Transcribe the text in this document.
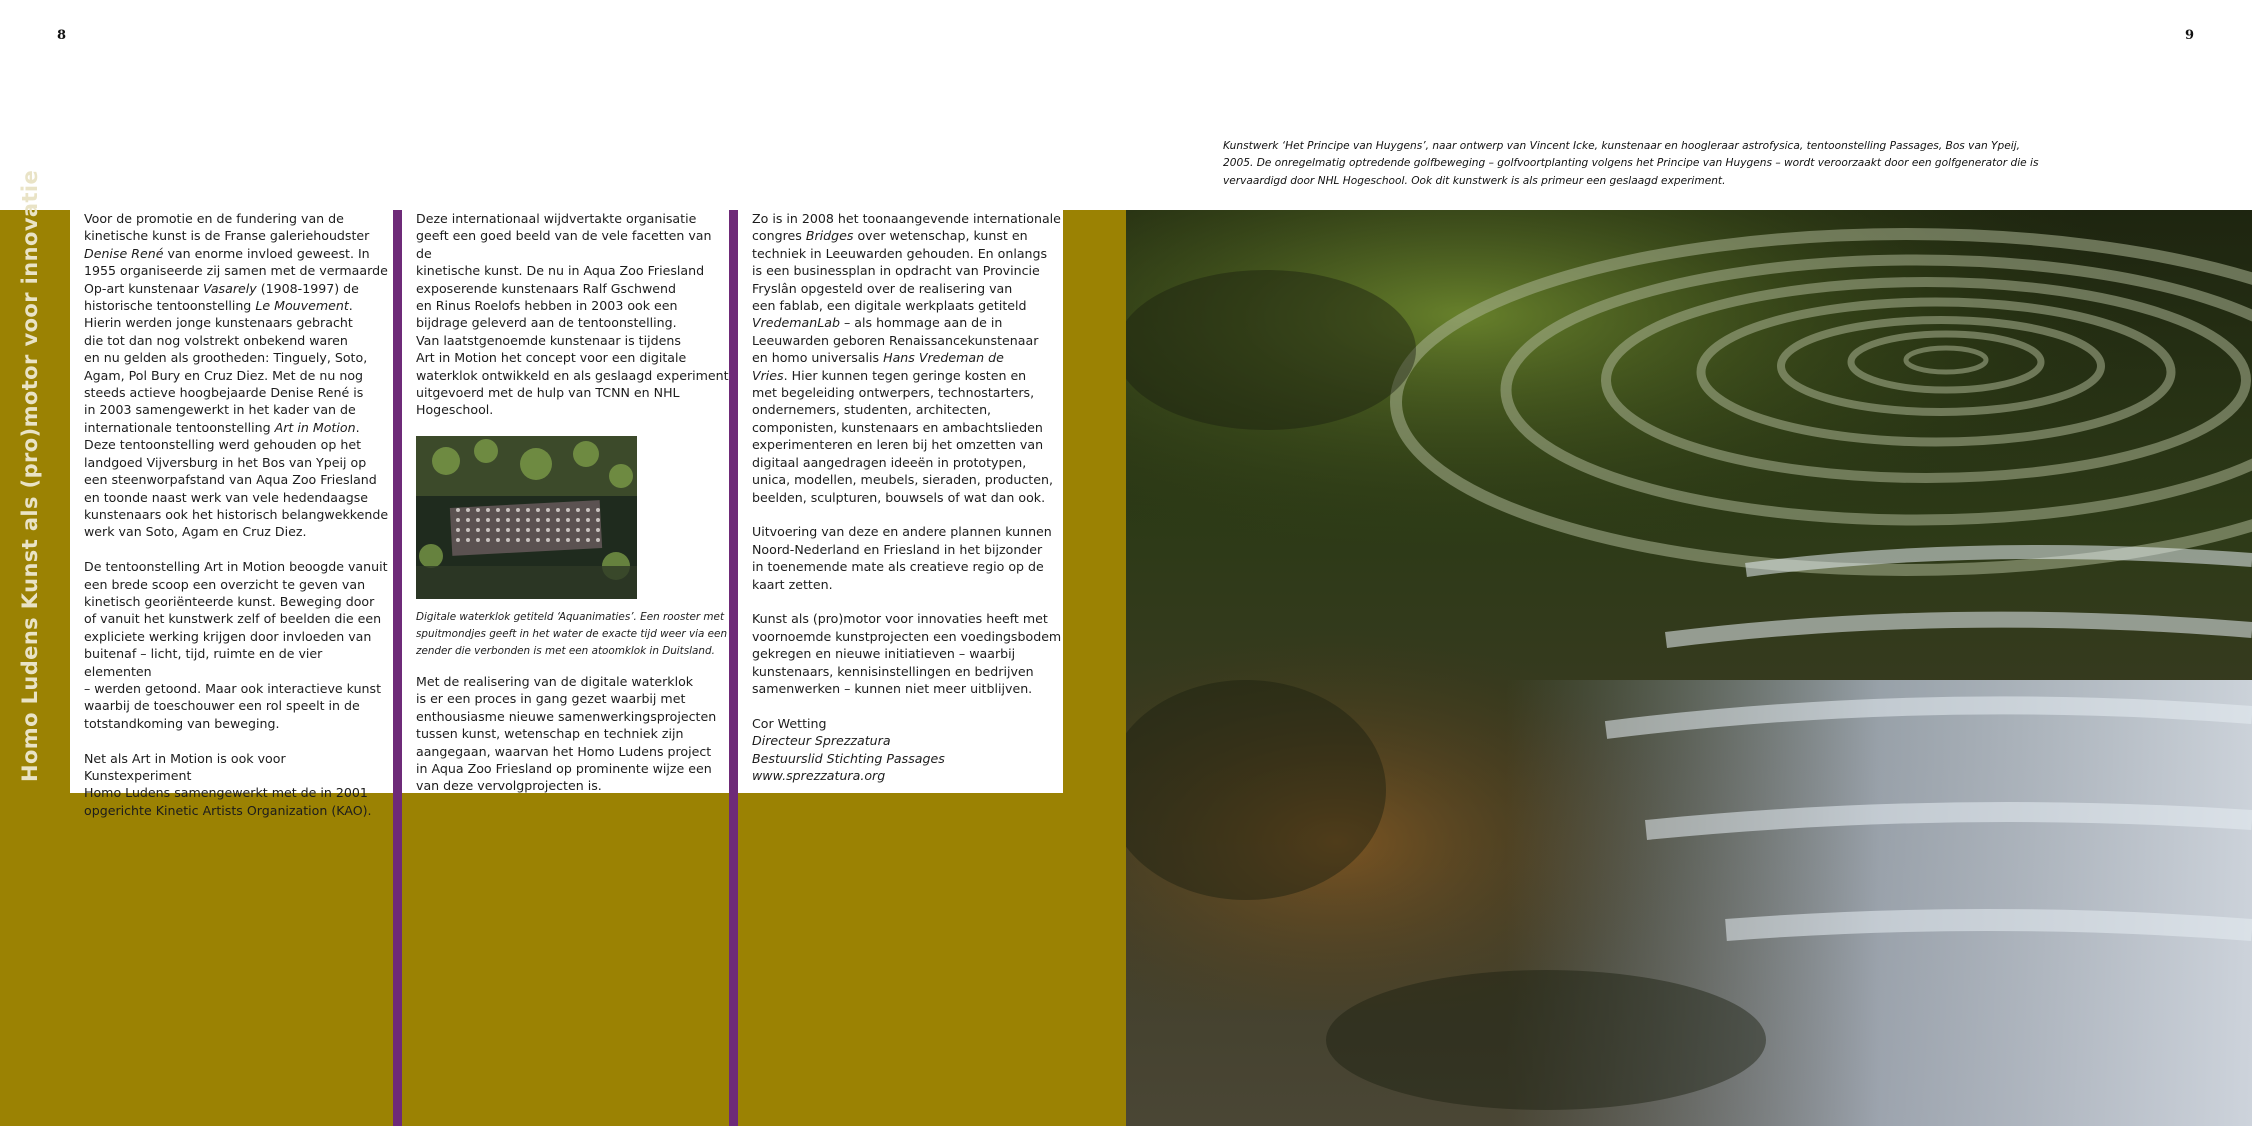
8
Homo Ludens Kunst als (pro)motor voor innovatie	Voor de promotie en de fundering van de
kinetische kunst is de Franse galeriehoudster
Denise René van enorme invloed geweest. In
1955 organiseerde zij samen met de vermaarde
Op-art kunstenaar Vasarely (1908-1997) de
historische tentoonstelling Le Mouvement.
Hierin werden jonge kunstenaars gebracht
die tot dan nog volstrekt onbekend waren
en nu gelden als grootheden: Tinguely, Soto,
Agam, Pol Bury en Cruz Diez. Met de nu nog
steeds actieve hoogbejaarde Denise René is
in 2003 samengewerkt in het kader van de
internationale tentoonstelling Art in Motion.
Deze tentoonstelling werd gehouden op het
landgoed Vijversburg in het Bos van Ypeij op
een steenworpafstand van Aqua Zoo Friesland
en toonde naast werk van vele hedendaagse
kunstenaars ook het historisch belangwekkende
werk van Soto, Agam en Cruz Diez.

De tentoonstelling Art in Motion beoogde vanuit
een brede scoop een overzicht te geven van
kinetisch georiënteerde kunst. Beweging door
of vanuit het kunstwerk zelf of beelden die een
expliciete werking krijgen door invloeden van
buitenaf – licht, tijd, ruimte en de vier elementen
– werden getoond. Maar ook interactieve kunst
waarbij de toeschouwer een rol speelt in de
totstandkoming van beweging.

Net als Art in Motion is ook voor Kunstexperiment
Homo Ludens samengewerkt met de in 2001
opgerichte Kinetic Artists Organization (KAO).

Deze internationaal wijdvertakte organisatie
geeft een goed beeld van de vele facetten van de
kinetische kunst. De nu in Aqua Zoo Friesland
exposerende kunstenaars Ralf Gschwend
en Rinus Roelofs hebben in 2003 ook een
bijdrage geleverd aan de tentoonstelling.
Van laatstgenoemde kunstenaar is tijdens
Art in Motion het concept voor een digitale
waterklok ontwikkeld en als geslaagd experiment
uitgevoerd met de hulp van TCNN en NHL
Hogeschool.

Digitale waterklok getiteld ‘Aquanimaties’. Een rooster met
spuitmondjes geeft in het water de exacte tijd weer via een
zender die verbonden is met een atoomklok in Duitsland.

Met de realisering van de digitale waterklok
is er een proces in gang gezet waarbij met
enthousiasme nieuwe samenwerkingsprojecten
tussen kunst, wetenschap en techniek zijn
aangegaan, waarvan het Homo Ludens project
in Aqua Zoo Friesland op prominente wijze een
van deze vervolgprojecten is.

Zo is in 2008 het toonaangevende internationale
congres Bridges over wetenschap, kunst en
techniek in Leeuwarden gehouden. En onlangs
is een businessplan in opdracht van Provincie
Fryslân opgesteld over de realisering van
een fablab, een digitale werkplaats getiteld
VredemanLab – als hommage aan de in
Leeuwarden geboren Renaissancekunstenaar
en homo universalis Hans Vredeman de
Vries. Hier kunnen tegen geringe kosten en
met begeleiding ontwerpers, technostarters,
ondernemers, studenten, architecten,
componisten, kunstenaars en ambachtslieden
experimenteren en leren bij het omzetten van
digitaal aangedragen ideeën in prototypen,
unica, modellen, meubels, sieraden, producten,
beelden, sculpturen, bouwsels of wat dan ook.

Uitvoering van deze en andere plannen kunnen
Noord-Nederland en Friesland in het bijzonder
in toenemende mate als creatieve regio op de
kaart zetten.

Kunst als (pro)motor voor innovaties heeft met
voornoemde kunstprojecten een voedingsbodem
gekregen en nieuwe initiatieven – waarbij
kunstenaars, kennisinstellingen en bedrijven
samenwerken – kunnen niet meer uitblijven.

Cor Wetting
Directeur Sprezzatura
Bestuurslid Stichting Passages
www.sprezzatura.org

9
Kunstwerk ‘Het Principe van Huygens’, naar ontwerp van Vincent Icke, kunstenaar en hoogleraar astrofysica, tentoonstelling Passages, Bos van Ypeij,
2005. De onregelmatig optredende golfbeweging – golfvoortplanting volgens het Principe van Huygens – wordt veroorzaakt door een golfgenerator die is
vervaardigd door NHL Hogeschool. Ook dit kunstwerk is als primeur een geslaagd experiment.
